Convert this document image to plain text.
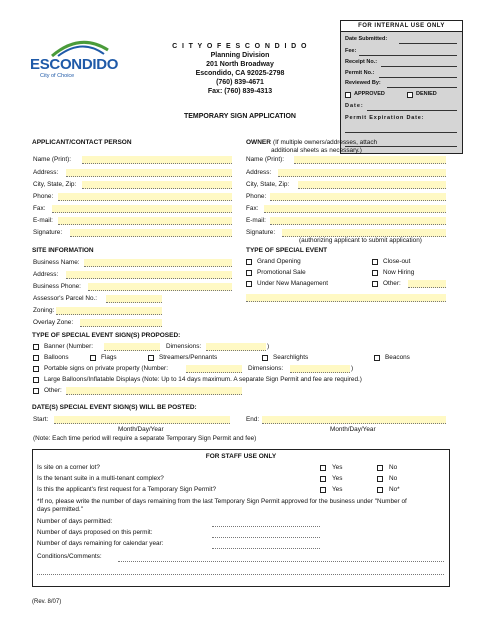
ESCONDIDO
City of Choice
C I T Y O F E S C O N D I D O
Planning Division
201 North Broadway
Escondido, CA 92025-2798
(760) 839-4671
Fax: (760) 839-4313
TEMPORARY SIGN APPLICATION
FOR INTERNAL USE ONLY
Date Submitted:
Fee:
Receipt No.:
Permit No.:
Reviewed By:
APPROVED	DENIED
Date:
Permit Expiration Date:
APPLICANT/CONTACT PERSON
Name (Print):
Address:
City, State, Zip:
Phone:
Fax:
E-mail:
Signature:
OWNER (If multiple owners/addresses, attach
additional sheets as necessary.)
Name (Print):
Address:
City, State, Zip:
Phone:
Fax:
E-mail:
Signature:
(authorizing applicant to submit application)
SITE INFORMATION
Business Name:
Address:
Business Phone:
Assessor's Parcel No.:
Zoning:
Overlay Zone:
TYPE OF SPECIAL EVENT
Grand Opening	Close-out
Promotional Sale	Now Hiring
Under New Management	Other:
TYPE OF SPECIAL EVENT SIGN(S) PROPOSED:
Banner (Number:	Dimensions:	)
Balloons	Flags	Streamers/Pennants	Searchlights	Beacons
Portable signs on private property (Number:	Dimensions:	)
Large Balloons/Inflatable Displays (Note: Up to 14 days maximum. A separate Sign Permit and fee are required.)
Other:
DATE(S) SPECIAL EVENT SIGN(S) WILL BE POSTED:
Start:	End:
Month/Day/Year	Month/Day/Year
(Note: Each time period will require a separate Temporary Sign Permit and fee)
FOR STAFF USE ONLY
Is site on a corner lot?	Yes	No
Is the tenant suite in a multi-tenant complex?	Yes	No
Is this the applicant's first request for a Temporary Sign Permit?	Yes	No*
*If no, please write the number of days remaining from the last Temporary Sign Permit approved for the business under "Number of
days permitted."
Number of days permitted:
Number of days proposed on this permit:
Number of days remaining for calendar year:
Conditions/Comments:
(Rev. 8/07)
